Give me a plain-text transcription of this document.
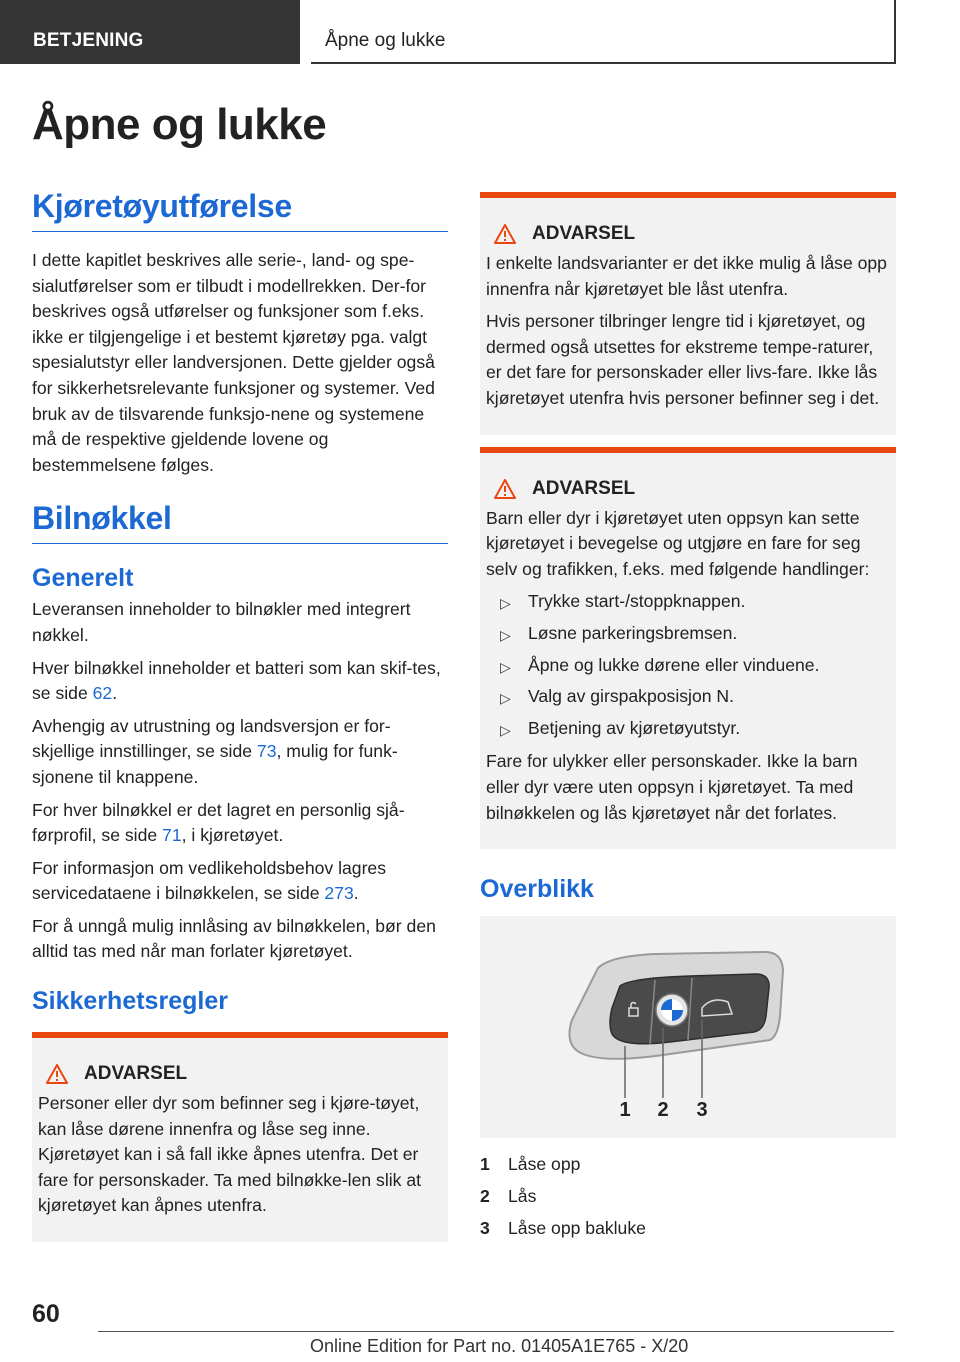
BETJENING	Åpne og lukke
Åpne og lukke
Kjøretøyutførelse

I dette kapitlet beskrives alle serie-, land- og spe-sialutførelser som er tilbudt i modellrekken. Der-for beskrives også utførelser og funksjoner som f.eks. ikke er tilgjengelige i et bestemt kjøretøy pga. valgt spesialutstyr eller landversjonen. Dette gjelder også for sikkerhetsrelevante funksjoner og systemer. Ved bruk av de tilsvarende funksjo-nene og systemene må de respektive gjeldende lovene og bestemmelsene følges.

Bilnøkkel
Generelt

Leveransen inneholder to bilnøkler med integrert nøkkel.

Hver bilnøkkel inneholder et batteri som kan skif-tes, se side 62.

Avhengig av utrustning og landsversjon er for-skjellige innstillinger, se side 73, mulig for funk-sjonene til knappene.

For hver bilnøkkel er det lagret en personlig sjå-førprofil, se side 71, i kjøretøyet.

For informasjon om vedlikeholdsbehov lagres servicedataene i bilnøkkelen, se side 273.

For å unngå mulig innlåsing av bilnøkkelen, bør den alltid tas med når man forlater kjøretøyet.

Sikkerhetsregler
ADVARSEL

Personer eller dyr som befinner seg i kjøre-tøyet, kan låse dørene innenfra og låse seg inne. Kjøretøyet kan i så fall ikke åpnes utenfra. Det er fare for personskader. Ta med bilnøkke-len slik at kjøretøyet kan åpnes utenfra.

ADVARSEL

I enkelte landsvarianter er det ikke mulig å låse opp innenfra når kjøretøyet ble låst utenfra.

Hvis personer tilbringer lengre tid i kjøretøyet, og dermed også utsettes for ekstreme tempe-raturer, er det fare for personskader eller livs-fare. Ikke lås kjøretøyet utenfra hvis personer befinner seg i det.

ADVARSEL

Barn eller dyr i kjøretøyet uten oppsyn kan sette kjøretøyet i bevegelse og utgjøre en fare for seg selv og trafikken, f.eks. med følgende handlinger:

▷ Trykke start-/stoppknappen.
▷ Løsne parkeringsbremsen.
▷ Åpne og lukke dørene eller vinduene.
▷ Valg av girspakposisjon N.
▷ Betjening av kjøretøyutstyr.

Fare for ulykker eller personskader. Ikke la barn eller dyr være uten oppsyn i kjøretøyet. Ta med bilnøkkelen og lås kjøretøyet når det forlates.

Overblikk
1 2 3
1	Låse opp
2	Lås
3	Låse opp bakluke
60
Online Edition for Part no. 01405A1E765 - X/20
